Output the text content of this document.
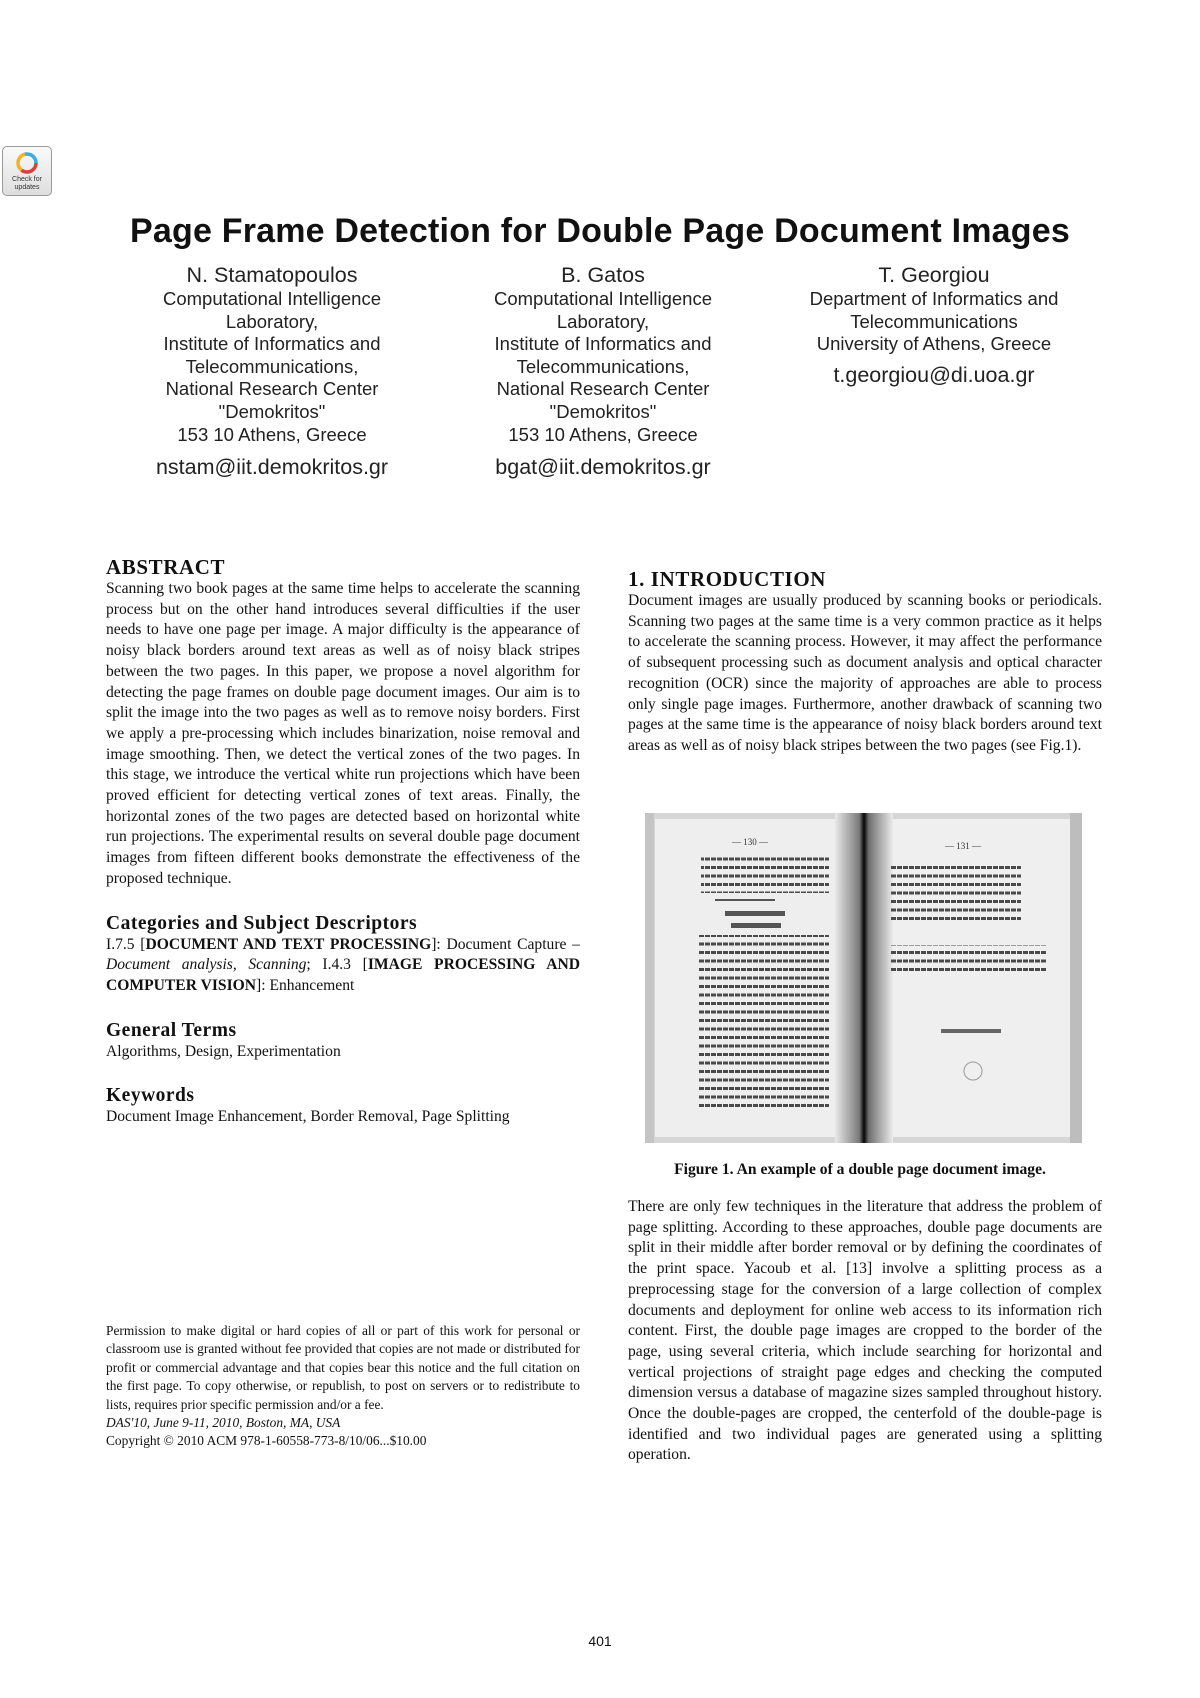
Check for updates
Page Frame Detection for Double Page Document Images
N. Stamatopoulos
Computational Intelligence
Laboratory,
Institute of Informatics and
Telecommunications,
National Research Center
"Demokritos"
153 10 Athens, Greece
nstam@iit.demokritos.gr
B. Gatos
Computational Intelligence
Laboratory,
Institute of Informatics and
Telecommunications,
National Research Center
"Demokritos"
153 10 Athens, Greece
bgat@iit.demokritos.gr
T. Georgiou
Department of Informatics and
Telecommunications
University of Athens, Greece
t.georgiou@di.uoa.gr
ABSTRACT

Scanning two book pages at the same time helps to accelerate the scanning process but on the other hand introduces several difficulties if the user needs to have one page per image. A major difficulty is the appearance of noisy black borders around text areas as well as of noisy black stripes between the two pages. In this paper, we propose a novel algorithm for detecting the page frames on double page document images. Our aim is to split the image into the two pages as well as to remove noisy borders. First we apply a pre-processing which includes binarization, noise removal and image smoothing. Then, we detect the vertical zones of the two pages. In this stage, we introduce the vertical white run projections which have been proved efficient for detecting vertical zones of text areas. Finally, the horizontal zones of the two pages are detected based on horizontal white run projections. The experimental results on several double page document images from fifteen different books demonstrate the effectiveness of the proposed technique.

Categories and Subject Descriptors

I.7.5 [DOCUMENT AND TEXT PROCESSING]: Document Capture – Document analysis, Scanning; I.4.3 [IMAGE PROCESSING AND COMPUTER VISION]: Enhancement

General Terms

Algorithms, Design, Experimentation

Keywords

Document Image Enhancement, Border Removal, Page Splitting

Permission to make digital or hard copies of all or part of this work for personal or classroom use is granted without fee provided that copies are not made or distributed for profit or commercial advantage and that copies bear this notice and the full citation on the first page. To copy otherwise, or republish, to post on servers or to redistribute to lists, requires prior specific permission and/or a fee.

DAS'10, June 9-11, 2010, Boston, MA, USA

Copyright © 2010 ACM 978-1-60558-773-8/10/06...$10.00

1. INTRODUCTION

Document images are usually produced by scanning books or periodicals. Scanning two pages at the same time is a very common practice as it helps to accelerate the scanning process. However, it may affect the performance of subsequent processing such as document analysis and optical character recognition (OCR) since the majority of approaches are able to process only single page images. Furthermore, another drawback of scanning two pages at the same time is the appearance of noisy black borders around text areas as well as of noisy black stripes between the two pages (see Fig.1).

— 130 —	— 131 —
Figure 1. An example of a double page document image.

There are only few techniques in the literature that address the problem of page splitting. According to these approaches, double page documents are split in their middle after border removal or by defining the coordinates of the print space. Yacoub et al. [13] involve a splitting process as a preprocessing stage for the conversion of a large collection of complex documents and deployment for online web access to its information rich content. First, the double page images are cropped to the border of the page, using several criteria, which include searching for horizontal and vertical projections of straight page edges and checking the computed dimension versus a database of magazine sizes sampled throughout history. Once the double-pages are cropped, the centerfold of the double-page is identified and two individual pages are generated using a splitting operation.

401
